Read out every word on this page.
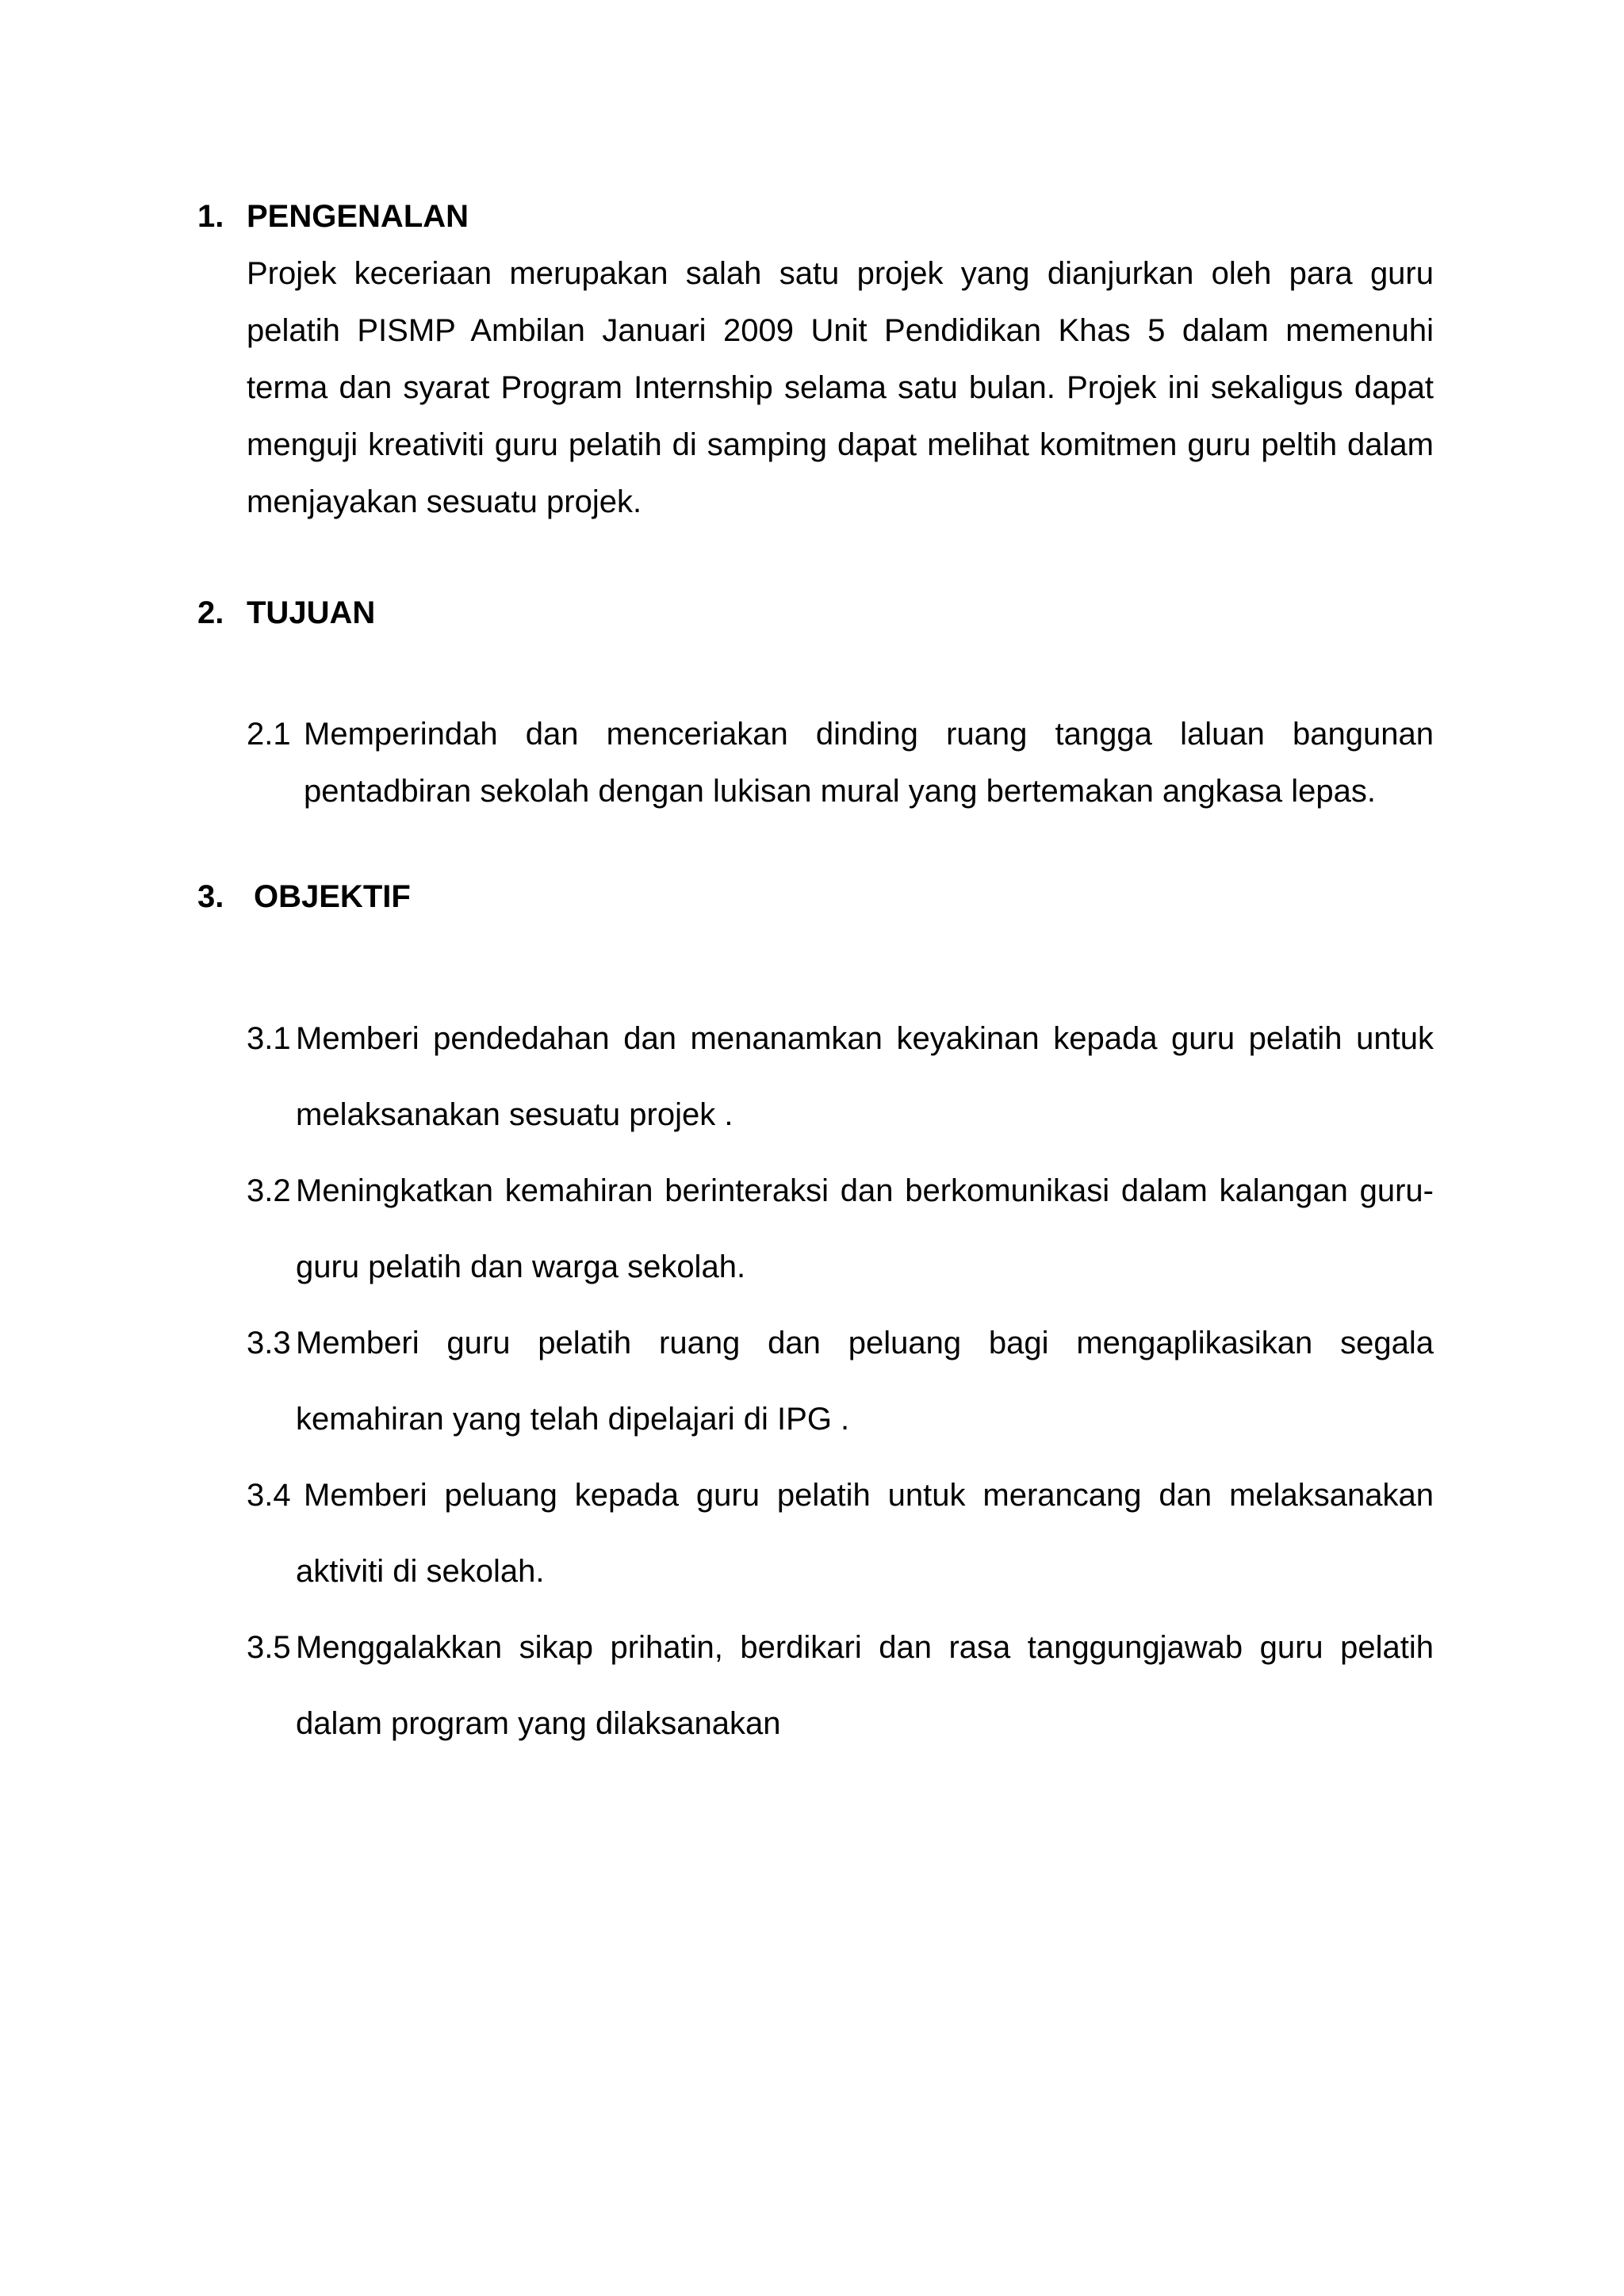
1. PENGENALAN
Projek keceriaan merupakan salah satu projek yang dianjurkan oleh para guru pelatih PISMP Ambilan Januari 2009 Unit Pendidikan Khas 5 dalam memenuhi terma dan syarat Program Internship selama satu bulan. Projek ini sekaligus dapat menguji kreativiti guru pelatih di samping dapat melihat komitmen guru peltih dalam menjayakan sesuatu projek.
2. TUJUAN
2.1 Memperindah dan menceriakan dinding ruang tangga laluan bangunan pentadbiran sekolah dengan lukisan mural yang bertemakan angkasa lepas.
3. OBJEKTIF
3.1 Memberi pendedahan dan menanamkan keyakinan kepada guru pelatih untuk melaksanakan sesuatu projek .
3.2 Meningkatkan kemahiran berinteraksi dan berkomunikasi dalam kalangan guru-guru pelatih dan warga sekolah.
3.3 Memberi guru pelatih ruang dan peluang bagi mengaplikasikan segala kemahiran yang telah dipelajari di IPG .
3.4 Memberi peluang kepada guru pelatih untuk merancang dan melaksanakan aktiviti di sekolah.
3.5 Menggalakkan sikap prihatin, berdikari dan rasa tanggungjawab guru pelatih dalam program yang dilaksanakan
